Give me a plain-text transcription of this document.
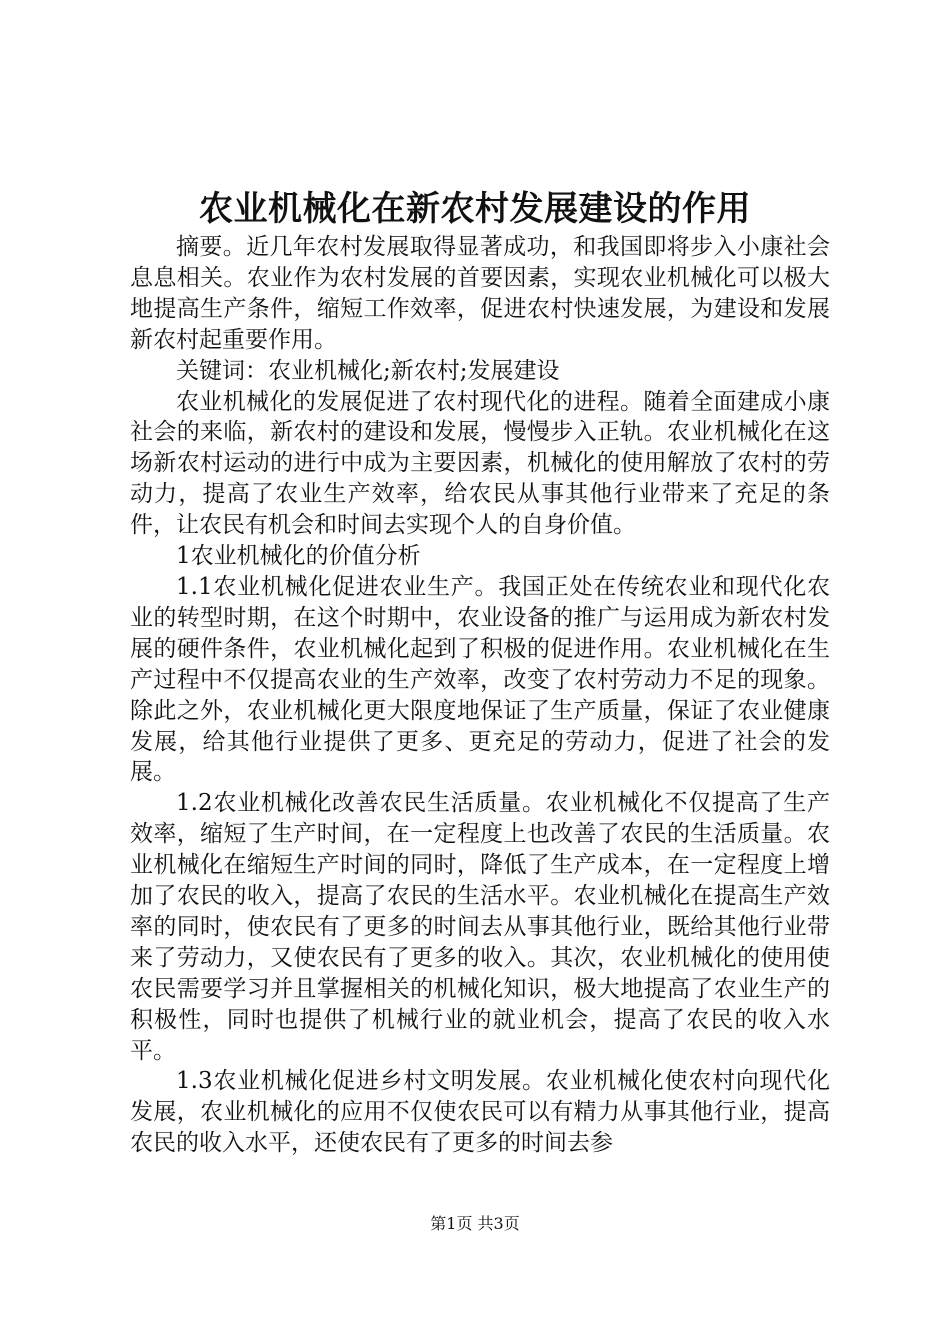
农业机械化在新农村发展建设的作用

摘要。近几年农村发展取得显著成功，和我国即将步入小康社会息息相关。农业作为农村发展的首要因素，实现农业机械化可以极大地提高生产条件，缩短工作效率，促进农村快速发展，为建设和发展新农村起重要作用。

关键词：农业机械化;新农村;发展建设

农业机械化的发展促进了农村现代化的进程。随着全面建成小康社会的来临，新农村的建设和发展，慢慢步入正轨。农业机械化在这场新农村运动的进行中成为主要因素，机械化的使用解放了农村的劳动力，提高了农业生产效率，给农民从事其他行业带来了充足的条件，让农民有机会和时间去实现个人的自身价值。

1农业机械化的价值分析

1.1农业机械化促进农业生产。我国正处在传统农业和现代化农业的转型时期，在这个时期中，农业设备的推广与运用成为新农村发展的硬件条件，农业机械化起到了积极的促进作用。农业机械化在生产过程中不仅提高农业的生产效率，改变了农村劳动力不足的现象。除此之外，农业机械化更大限度地保证了生产质量，保证了农业健康发展，给其他行业提供了更多、更充足的劳动力，促进了社会的发展。

1.2农业机械化改善农民生活质量。农业机械化不仅提高了生产效率，缩短了生产时间，在一定程度上也改善了农民的生活质量。农业机械化在缩短生产时间的同时，降低了生产成本，在一定程度上增加了农民的收入，提高了农民的生活水平。农业机械化在提高生产效率的同时，使农民有了更多的时间去从事其他行业，既给其他行业带来了劳动力，又使农民有了更多的收入。其次，农业机械化的使用使农民需要学习并且掌握相关的机械化知识，极大地提高了农业生产的积极性，同时也提供了机械行业的就业机会，提高了农民的收入水平。

1.3农业机械化促进乡村文明发展。农业机械化使农村向现代化发展，农业机械化的应用不仅使农民可以有精力从事其他行业，提高农民的收入水平，还使农民有了更多的时间去参

第1页 共3页
